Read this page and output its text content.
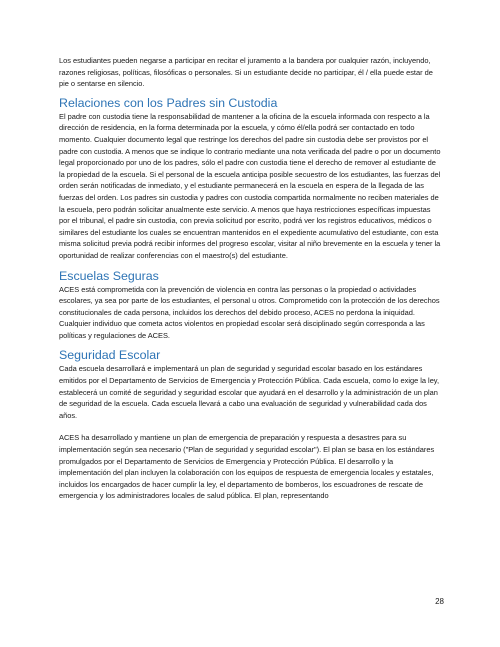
Los estudiantes pueden negarse a participar en recitar el juramento a la bandera por cualquier razón, incluyendo, razones religiosas, políticas, filosóficas o personales. Si un estudiante decide no participar, él / ella puede estar de pie o sentarse en silencio.

Relaciones con los Padres sin Custodia

El padre con custodia tiene la responsabilidad de mantener a la oficina de la escuela informada con respecto a la dirección de residencia, en la forma determinada por la escuela, y cómo él/ella podrá ser contactado en todo momento. Cualquier documento legal que restringe los derechos del padre sin custodia debe ser provistos por el padre con custodia. A menos que se indique lo contrario mediante una nota verificada del padre o por un documento legal proporcionado por uno de los padres, sólo el padre con custodia tiene el derecho de remover al estudiante de la propiedad de la escuela. Si el personal de la escuela anticipa posible secuestro de los estudiantes, las fuerzas del orden serán notificadas de inmediato, y el estudiante permanecerá en la escuela en espera de la llegada de las fuerzas del orden. Los padres sin custodia y padres con custodia compartida normalmente no reciben materiales de la escuela, pero podrán solicitar anualmente este servicio. A menos que haya restricciones específicas impuestas por el tribunal, el padre sin custodia, con previa solicitud por escrito, podrá ver los registros educativos, médicos o similares del estudiante los cuales se encuentran mantenidos en el expediente acumulativo del estudiante, con esta misma solicitud previa podrá recibir informes del progreso escolar, visitar al niño brevemente en la escuela y tener la oportunidad de realizar conferencias con el maestro(s) del estudiante.

Escuelas Seguras

ACES está comprometida con la prevención de violencia en contra las personas o la propiedad o actividades escolares, ya sea por parte de los estudiantes, el personal u otros. Comprometido con la protección de los derechos constitucionales de cada persona, incluidos los derechos del debido proceso, ACES no perdona la iniquidad. Cualquier individuo que cometa actos violentos en propiedad escolar será disciplinado según corresponda a las políticas y regulaciones de ACES.

Seguridad Escolar

Cada escuela desarrollará e implementará un plan de seguridad y seguridad escolar basado en los estándares emitidos por el Departamento de Servicios de Emergencia y Protección Pública. Cada escuela, como lo exige la ley, establecerá un comité de seguridad y seguridad escolar que ayudará en el desarrollo y la administración de un plan de seguridad de la escuela. Cada escuela llevará a cabo una evaluación de seguridad y vulnerabilidad cada dos años.

ACES ha desarrollado y mantiene un plan de emergencia de preparación y respuesta a desastres para su implementación según sea necesario ("Plan de seguridad y seguridad escolar"). El plan se basa en los estándares promulgados por el Departamento de Servicios de Emergencia y Protección Pública. El desarrollo y la implementación del plan incluyen la colaboración con los equipos de respuesta de emergencia locales y estatales, incluidos los encargados de hacer cumplir la ley, el departamento de bomberos, los escuadrones de rescate de emergencia y los administradores locales de salud pública. El plan, representando

28
